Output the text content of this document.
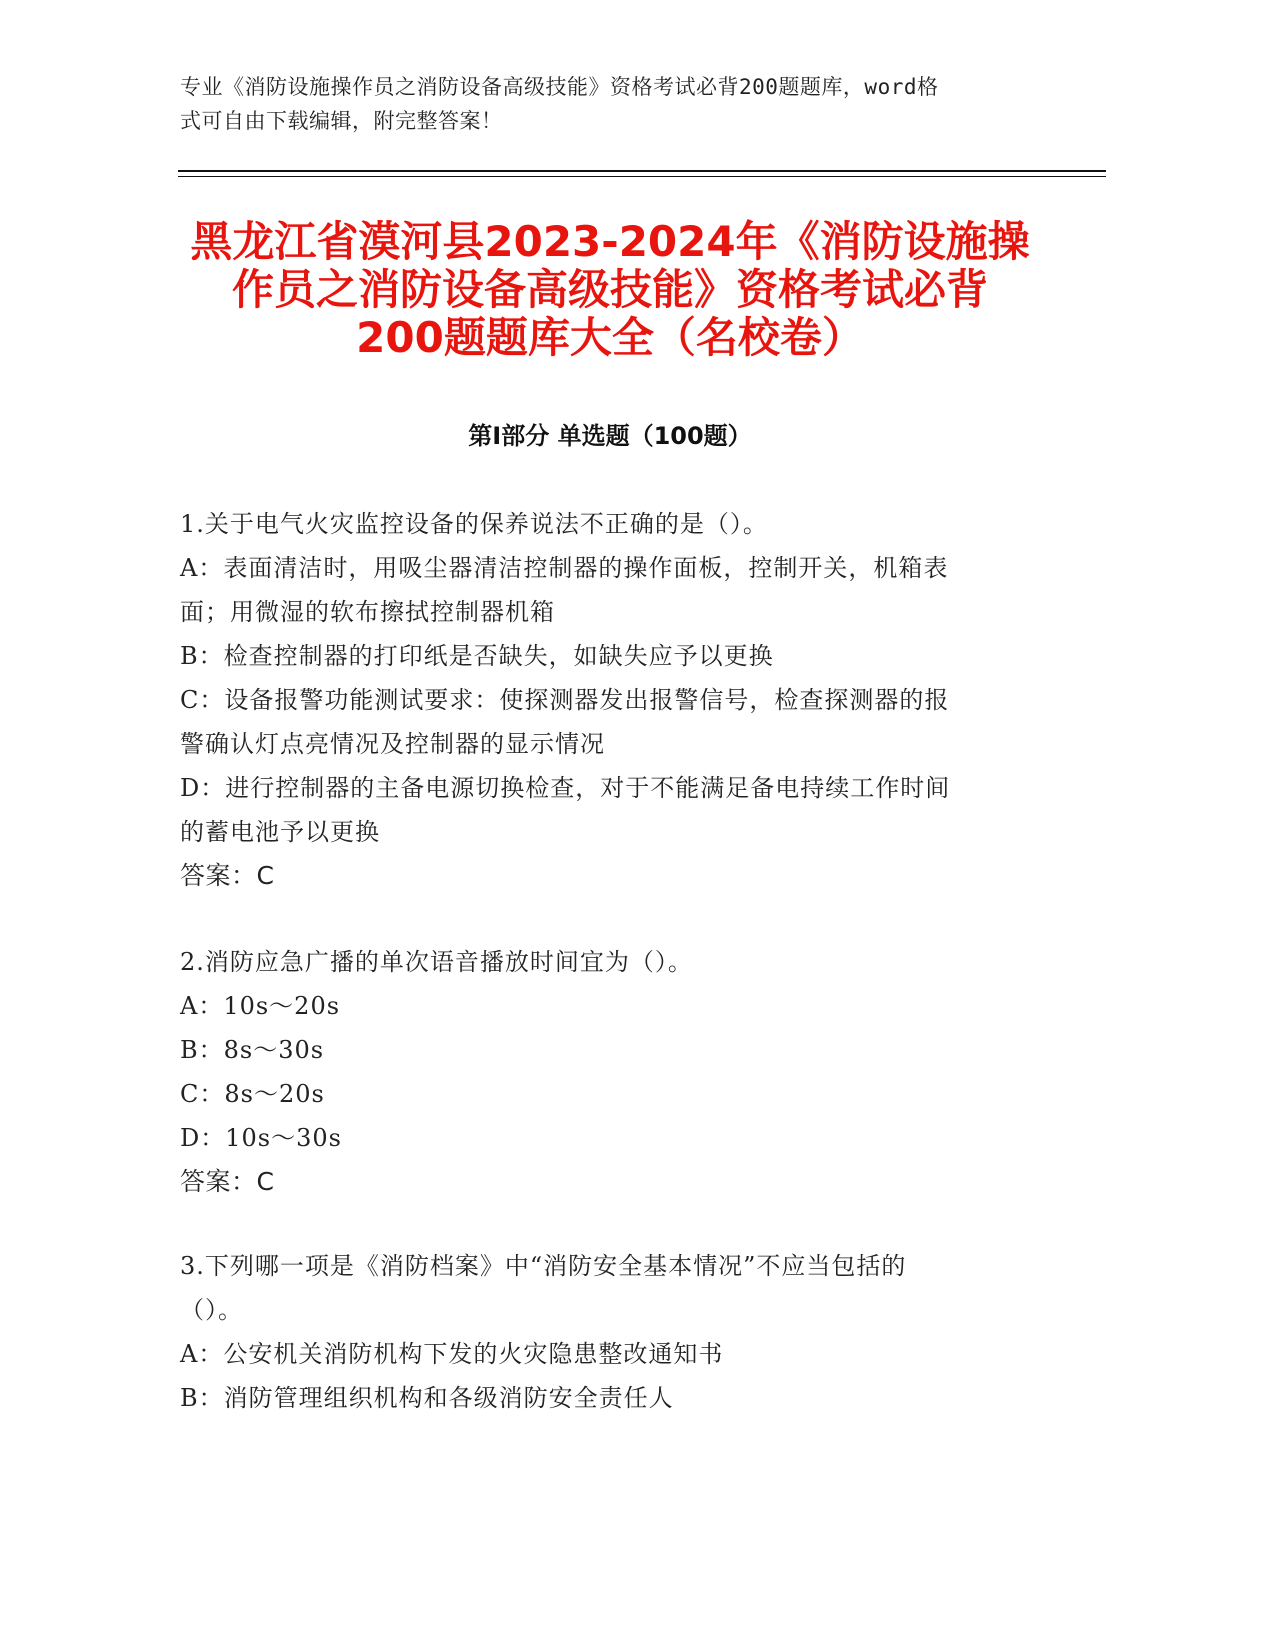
专业《消防设施操作员之消防设备高级技能》资格考试必背200题题库，word格
式可自由下载编辑，附完整答案！
黑龙江省漠河县2023-2024年《消防设施操
作员之消防设备高级技能》资格考试必背
200题题库大全（名校卷）
第Ⅰ部分 单选题（100题）
1.关于电气火灾监控设备的保养说法不正确的是（）。
A：表面清洁时，用吸尘器清洁控制器的操作面板，控制开关，机箱表
面；用微湿的软布擦拭控制器机箱
B：检查控制器的打印纸是否缺失，如缺失应予以更换
C：设备报警功能测试要求：使探测器发出报警信号，检查探测器的报
警确认灯点亮情况及控制器的显示情况
D：进行控制器的主备电源切换检查，对于不能满足备电持续工作时间
的蓄电池予以更换
答案：C
2.消防应急广播的单次语音播放时间宜为（）。
A：10s～20s
B：8s～30s
C：8s～20s
D：10s～30s
答案：C
3.下列哪一项是《消防档案》中“消防安全基本情况”不应当包括的
（）。
A：公安机关消防机构下发的火灾隐患整改通知书
B：消防管理组织机构和各级消防安全责任人
